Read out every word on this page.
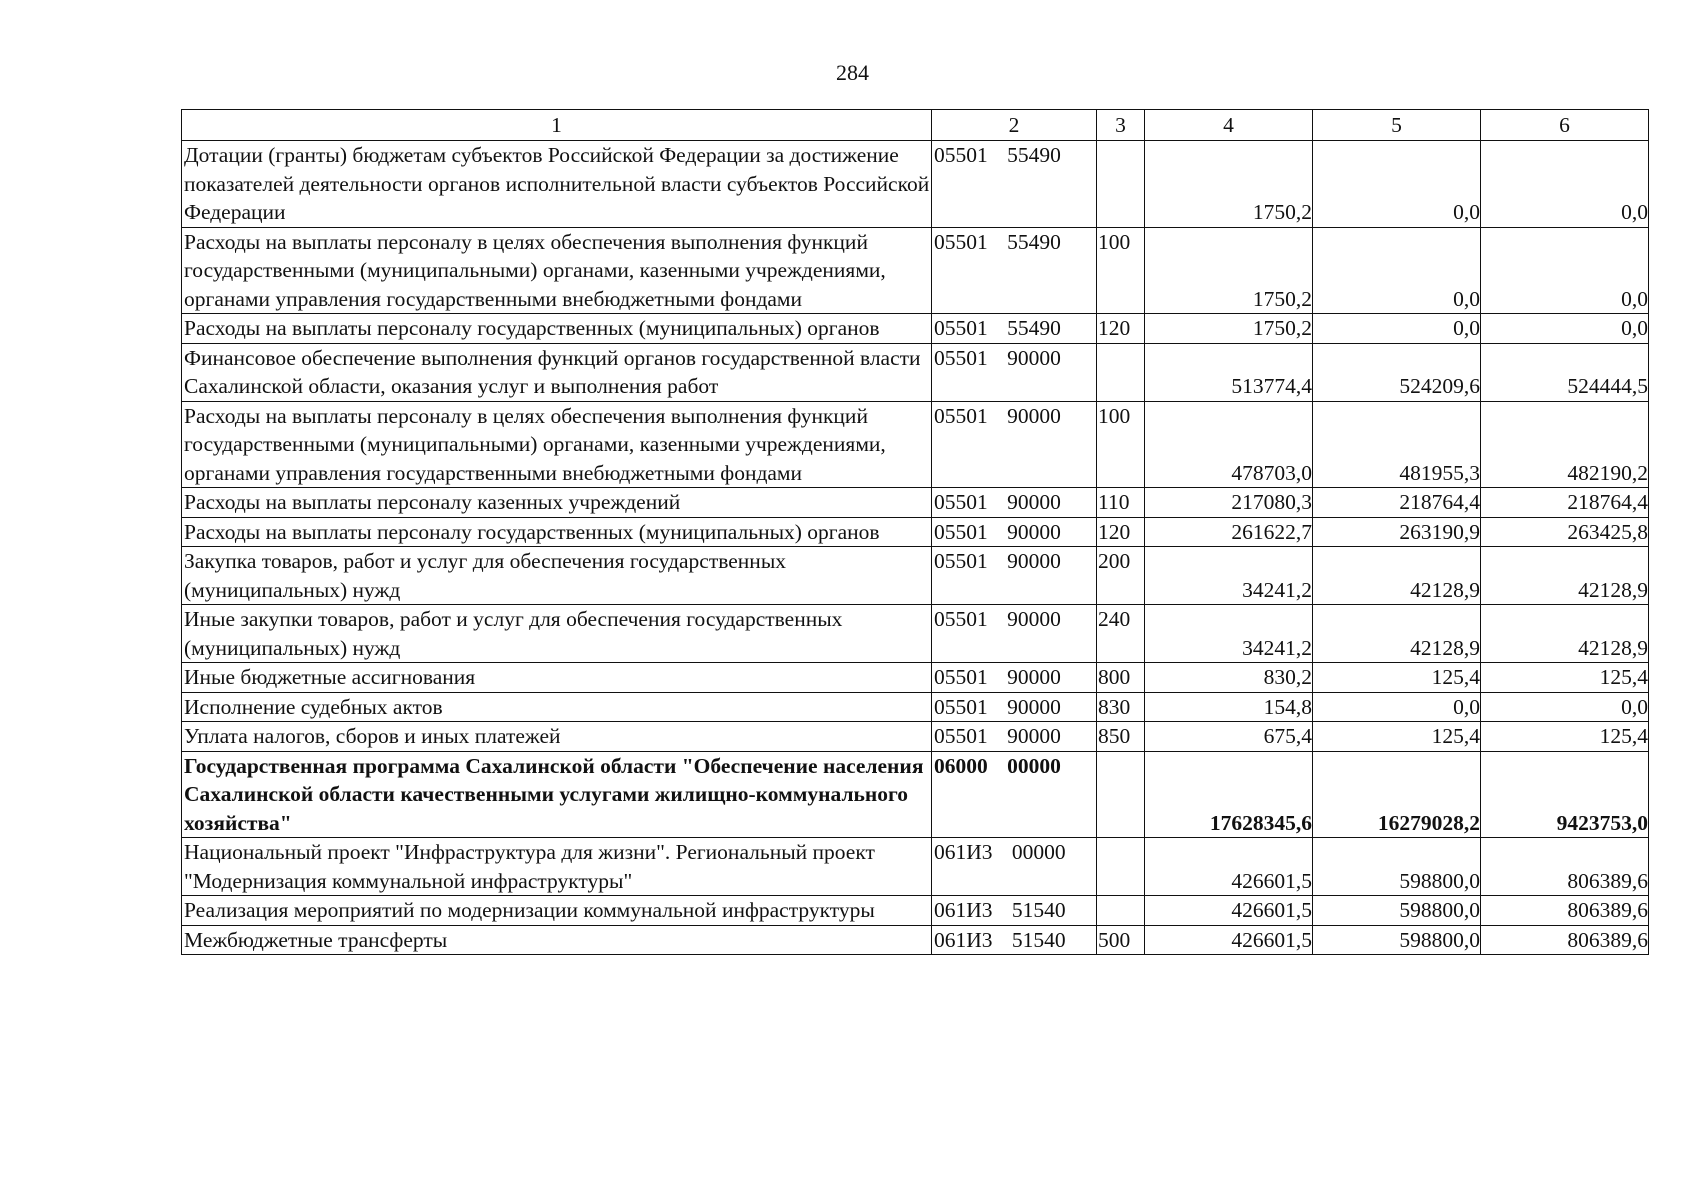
284
1	2	3	4	5	6
Дотации (гранты) бюджетам субъектов Российской Федерации за достижение показателей деятельности органов исполнительной власти субъектов Российской Федерации	05501 55490		1750,2	0,0	0,0
Расходы на выплаты персоналу в целях обеспечения выполнения функций государственными (муниципальными) органами, казенными учреждениями, органами управления государственными внебюджетными фондами	05501 55490	100	1750,2	0,0	0,0
Расходы на выплаты персоналу государственных (муниципальных) органов	05501 55490	120	1750,2	0,0	0,0
Финансовое обеспечение выполнения функций органов государственной власти Сахалинской области, оказания услуг и выполнения работ	05501 90000		513774,4	524209,6	524444,5
Расходы на выплаты персоналу в целях обеспечения выполнения функций государственными (муниципальными) органами, казенными учреждениями, органами управления государственными внебюджетными фондами	05501 90000	100	478703,0	481955,3	482190,2
Расходы на выплаты персоналу казенных учреждений	05501 90000	110	217080,3	218764,4	218764,4
Расходы на выплаты персоналу государственных (муниципальных) органов	05501 90000	120	261622,7	263190,9	263425,8
Закупка товаров, работ и услуг для обеспечения государственных (муниципальных) нужд	05501 90000	200	34241,2	42128,9	42128,9
Иные закупки товаров, работ и услуг для обеспечения государственных (муниципальных) нужд	05501 90000	240	34241,2	42128,9	42128,9
Иные бюджетные ассигнования	05501 90000	800	830,2	125,4	125,4
Исполнение судебных актов	05501 90000	830	154,8	0,0	0,0
Уплата налогов, сборов и иных платежей	05501 90000	850	675,4	125,4	125,4
Государственная программа Сахалинской области "Обеспечение населения Сахалинской области качественными услугами жилищно-коммунального хозяйства"	06000 00000		17628345,6	16279028,2	9423753,0
Национальный проект "Инфраструктура для жизни". Региональный проект "Модернизация коммунальной инфраструктуры"	061И3 00000		426601,5	598800,0	806389,6
Реализация мероприятий по модернизации коммунальной инфраструктуры	061И3 51540		426601,5	598800,0	806389,6
Межбюджетные трансферты	061И3 51540	500	426601,5	598800,0	806389,6
